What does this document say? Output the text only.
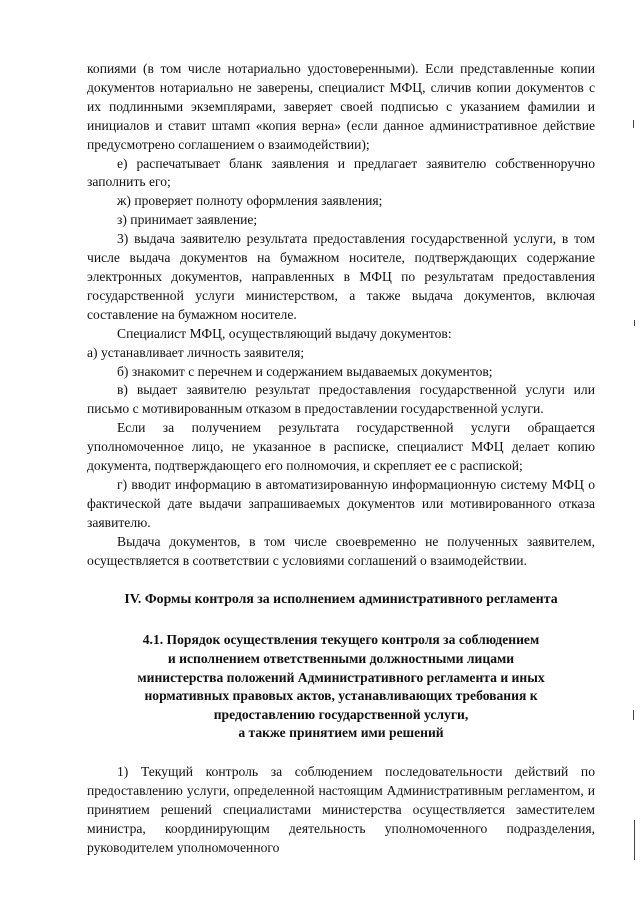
копиями (в том числе нотариально удостоверенными). Если представленные копии документов нотариально не заверены, специалист МФЦ, сличив копии документов с их подлинными экземплярами, заверяет своей подписью с указанием фамилии и инициалов и ставит штамп «копия верна» (если данное административное действие предусмотрено соглашением о взаимодействии);

е) распечатывает бланк заявления и предлагает заявителю собственноручно заполнить его;

ж) проверяет полноту оформления заявления;

з) принимает заявление;

3) выдача заявителю результата предоставления государственной услуги, в том числе выдача документов на бумажном носителе, подтверждающих содержание электронных документов, направленных в МФЦ по результатам предоставления государственной услуги министерством, а также выдача документов, включая составление на бумажном носителе.

Специалист МФЦ, осуществляющий выдачу документов:

а) устанавливает личность заявителя;

б) знакомит с перечнем и содержанием выдаваемых документов;

в) выдает заявителю результат предоставления государственной услуги или письмо с мотивированным отказом в предоставлении государственной услуги.

Если за получением результата государственной услуги обращается уполномоченное лицо, не указанное в расписке, специалист МФЦ делает копию документа, подтверждающего его полномочия, и скрепляет ее с распиской;

г) вводит информацию в автоматизированную информационную систему МФЦ о фактической дате выдачи запрашиваемых документов или мотивированного отказа заявителю.

Выдача документов, в том числе своевременно не полученных заявителем, осуществляется в соответствии с условиями соглашений о взаимодействии.

IV. Формы контроля за исполнением административного регламента

4.1. Порядок осуществления текущего контроля за соблюдением
и исполнением ответственными должностными лицами
министерства положений Административного регламента и иных
нормативных правовых актов, устанавливающих требования к
предоставлению государственной услуги,
а также принятием ими решений

1) Текущий контроль за соблюдением последовательности действий по предоставлению услуги, определенной настоящим Административным регламентом, и принятием решений специалистами министерства осуществляется заместителем министра, координирующим деятельность уполномоченного подразделения, руководителем уполномоченного
